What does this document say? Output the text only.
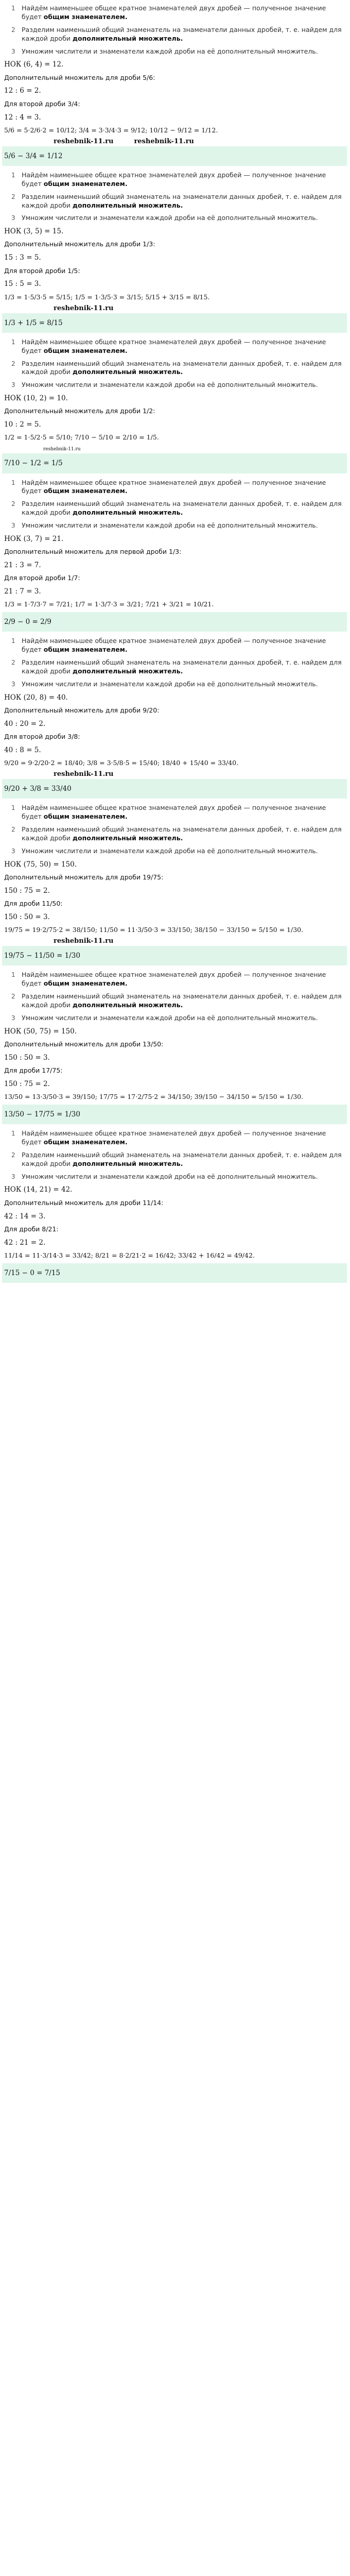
1 Найдём наименьшее общее кратное знаменателей двух дробей — полученное значение будет общим знаменателем.
2 Разделим наименьший общий знаменатель на знаменатели данных дробей, т. е. найдем для каждой дроби дополнительный множитель.
3 Умножим числители и знаменатели каждой дроби на её дополнительный множитель.
НОК (6, 4) = 12.
Дополнительный множитель для дроби 5/6:
12 : 6 = 2.
Для второй дроби 3/4:
12 : 4 = 3.
5/6 = 5·2/6·2 = 10/12; 3/4 = 3·3/4·3 = 9/12; 10/12 − 9/12 = 1/12.
reshebnik-11.ru	reshebnik-11.ru
5/6 − 3/4 = 1/12
1 Найдём наименьшее общее кратное знаменателей двух дробей — полученное значение будет общим знаменателем.
2 Разделим наименьший общий знаменатель на знаменатели данных дробей, т. е. найдем для каждой дроби дополнительный множитель.
3 Умножим числители и знаменатели каждой дроби на её дополнительный множитель.
НОК (3, 5) = 15.
Дополнительный множитель для дроби 1/3:
15 : 3 = 5.
Для второй дроби 1/5:
15 : 5 = 3.
1/3 = 1·5/3·5 = 5/15; 1/5 = 1·3/5·3 = 3/15; 5/15 + 3/15 = 8/15.
reshebnik-11.ru
1/3 + 1/5 = 8/15
1 Найдём наименьшее общее кратное знаменателей двух дробей — полученное значение будет общим знаменателем.
2 Разделим наименьший общий знаменатель на знаменатели данных дробей, т. е. найдем для каждой дроби дополнительный множитель.
3 Умножим числители и знаменатели каждой дроби на её дополнительный множитель.
НОК (10, 2) = 10.
Дополнительный множитель для дроби 1/2:
10 : 2 = 5.
1/2 = 1·5/2·5 = 5/10; 7/10 − 5/10 = 2/10 = 1/5.
reshebnik-11.ru
7/10 − 1/2 = 1/5
1 Найдём наименьшее общее кратное знаменателей двух дробей — полученное значение будет общим знаменателем.
2 Разделим наименьший общий знаменатель на знаменатели данных дробей, т. е. найдем для каждой дроби дополнительный множитель.
3 Умножим числители и знаменатели каждой дроби на её дополнительный множитель.
НОК (3, 7) = 21.
Дополнительный множитель для первой дроби 1/3:
21 : 3 = 7.
Для второй дроби 1/7:
21 : 7 = 3.
1/3 = 1·7/3·7 = 7/21; 1/7 = 1·3/7·3 = 3/21; 7/21 + 3/21 = 10/21.
2/9 − 0 = 2/9
1 Найдём наименьшее общее кратное знаменателей двух дробей — полученное значение будет общим знаменателем.
2 Разделим наименьший общий знаменатель на знаменатели данных дробей, т. е. найдем для каждой дроби дополнительный множитель.
3 Умножим числители и знаменатели каждой дроби на её дополнительный множитель.
НОК (20, 8) = 40.
Дополнительный множитель для дроби 9/20:
40 : 20 = 2.
Для второй дроби 3/8:
40 : 8 = 5.
9/20 = 9·2/20·2 = 18/40; 3/8 = 3·5/8·5 = 15/40; 18/40 + 15/40 = 33/40.
reshebnik-11.ru
9/20 + 3/8 = 33/40
1 Найдём наименьшее общее кратное знаменателей двух дробей — полученное значение будет общим знаменателем.
2 Разделим наименьший общий знаменатель на знаменатели данных дробей, т. е. найдем для каждой дроби дополнительный множитель.
3 Умножим числители и знаменатели каждой дроби на её дополнительный множитель.
НОК (75, 50) = 150.
Дополнительный множитель для дроби 19/75:
150 : 75 = 2.
Для дроби 11/50:
150 : 50 = 3.
19/75 = 19·2/75·2 = 38/150; 11/50 = 11·3/50·3 = 33/150; 38/150 − 33/150 = 5/150 = 1/30.
reshebnik-11.ru
19/75 − 11/50 = 1/30
1 Найдём наименьшее общее кратное знаменателей двух дробей — полученное значение будет общим знаменателем.
2 Разделим наименьший общий знаменатель на знаменатели данных дробей, т. е. найдем для каждой дроби дополнительный множитель.
3 Умножим числители и знаменатели каждой дроби на её дополнительный множитель.
НОК (50, 75) = 150.
Дополнительный множитель для дроби 13/50:
150 : 50 = 3.
Для дроби 17/75:
150 : 75 = 2.
13/50 = 13·3/50·3 = 39/150; 17/75 = 17·2/75·2 = 34/150; 39/150 − 34/150 = 5/150 = 1/30.
13/50 − 17/75 = 1/30
1 Найдём наименьшее общее кратное знаменателей двух дробей — полученное значение будет общим знаменателем.
2 Разделим наименьший общий знаменатель на знаменатели данных дробей, т. е. найдем для каждой дроби дополнительный множитель.
3 Умножим числители и знаменатели каждой дроби на её дополнительный множитель.
НОК (14, 21) = 42.
Дополнительный множитель для дроби 11/14:
42 : 14 = 3.
Для дроби 8/21:
42 : 21 = 2.
11/14 = 11·3/14·3 = 33/42; 8/21 = 8·2/21·2 = 16/42; 33/42 + 16/42 = 49/42.
7/15 − 0 = 7/15
